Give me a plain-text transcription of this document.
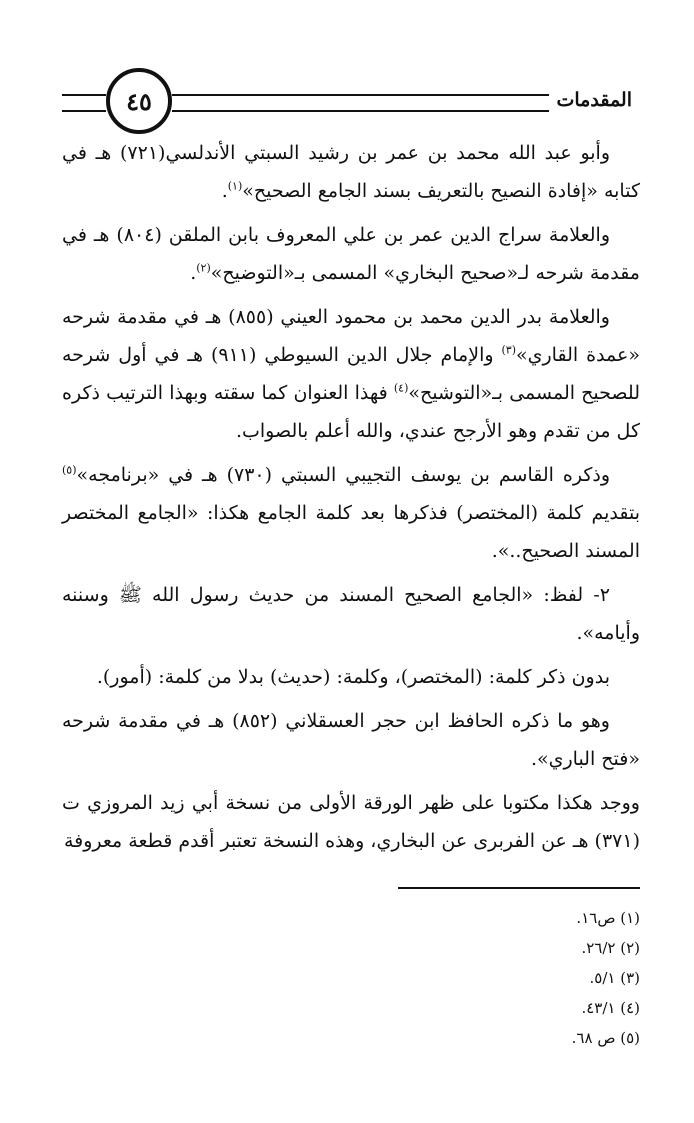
المقدمات
٤٥

وأبو عبد الله محمد بن عمر بن رشيد السبتي الأندلسي(٧٢١) هـ في كتابه «إفادة النصيح بالتعريف بسند الجامع الصحيح»$^{(١)}$.

والعلامة سراج الدين عمر بن علي المعروف بابن الملقن (٨٠٤) هـ في مقدمة شرحه لـ«صحيح البخاري» المسمى بـ«التوضيح»$^{(٢)}$.

والعلامة بدر الدين محمد بن محمود العيني (٨٥٥) هـ في مقدمة شرحه «عمدة القاري»$^{(٣)}$ والإمام جلال الدين السيوطي (٩١١) هـ في أول شرحه للصحيح المسمى بـ«التوشيح»$^{(٤)}$ فهذا العنوان كما سقته وبهذا الترتيب ذكره كل من تقدم وهو الأرجح عندي، والله أعلم بالصواب.

وذكره القاسم بن يوسف التجيبي السبتي (٧٣٠) هـ في «برنامجه»$^{(٥)}$ بتقديم كلمة (المختصر) فذكرها بعد كلمة الجامع هكذا: «الجامع المختصر المسند الصحيح..».

٢- لفظ: «الجامع الصحيح المسند من حديث رسول الله ﷺ وسننه وأيامه».

بدون ذكر كلمة: (المختصر)، وكلمة: (حديث) بدلا من كلمة: (أمور).

وهو ما ذكره الحافظ ابن حجر العسقلاني (٨٥٢) هـ في مقدمة شرحه «فتح الباري».

ووجد هكذا مكتوبا على ظهر الورقة الأولى من نسخة أبي زيد المروزي ت (٣٧١) هـ عن الفربرى عن البخاري، وهذه النسخة تعتبر أقدم قطعة معروفة

(١) ص١٦.

(٢) ٢٦/٢.

(٣) ٥/١.

(٤) ٤٣/١.

(٥) ص ٦٨.
